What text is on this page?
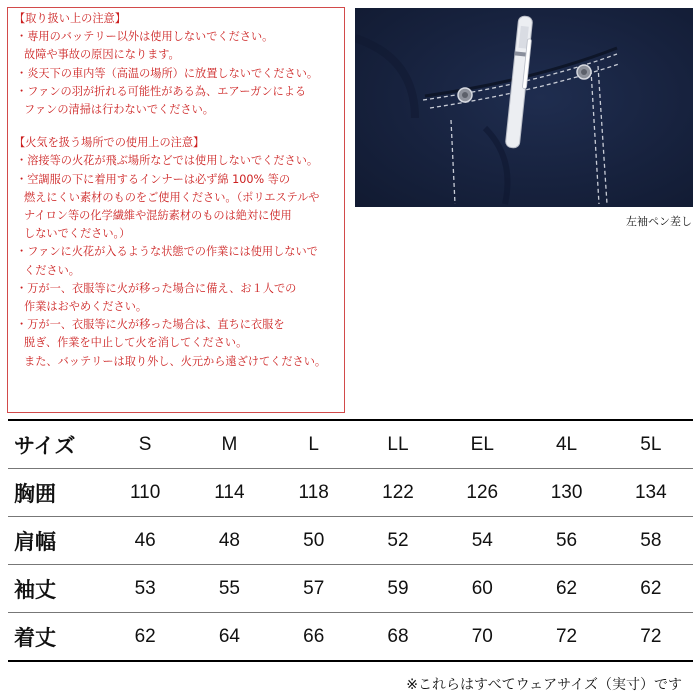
【取り扱い上の注意】
・専用のバッテリー以外は使用しないでください。
故障や事故の原因になります。
・炎天下の車内等（高温の場所）に放置しないでください。
・ファンの羽が折れる可能性がある為、エアーガンによる
ファンの清掃は行わないでください。
【火気を扱う場所での使用上の注意】
・溶接等の火花が飛ぶ場所などでは使用しないでください。
・空調服の下に着用するインナーは必ず綿 100% 等の
燃えにくい素材のものをご使用ください。（ポリエステルや
ナイロン等の化学繊維や混紡素材のものは絶対に使用
しないでください。）
・ファンに火花が入るような状態での作業には使用しないで
ください。
・万が一、衣服等に火が移った場合に備え、お１人での
作業はおやめください。
・万が一、衣服等に火が移った場合は、直ちに衣服を
脱ぎ、作業を中止して火を消してください。
また、バッテリーは取り外し、火元から遠ざけてください。
左袖ペン差し
サイズ	S	M	L	LL	EL	4L	5L
胸囲	110	114	118	122	126	130	134
肩幅	46	48	50	52	54	56	58
袖丈	53	55	57	59	60	62	62
着丈	62	64	66	68	70	72	72
※これらはすべてウェアサイズ（実寸）です
